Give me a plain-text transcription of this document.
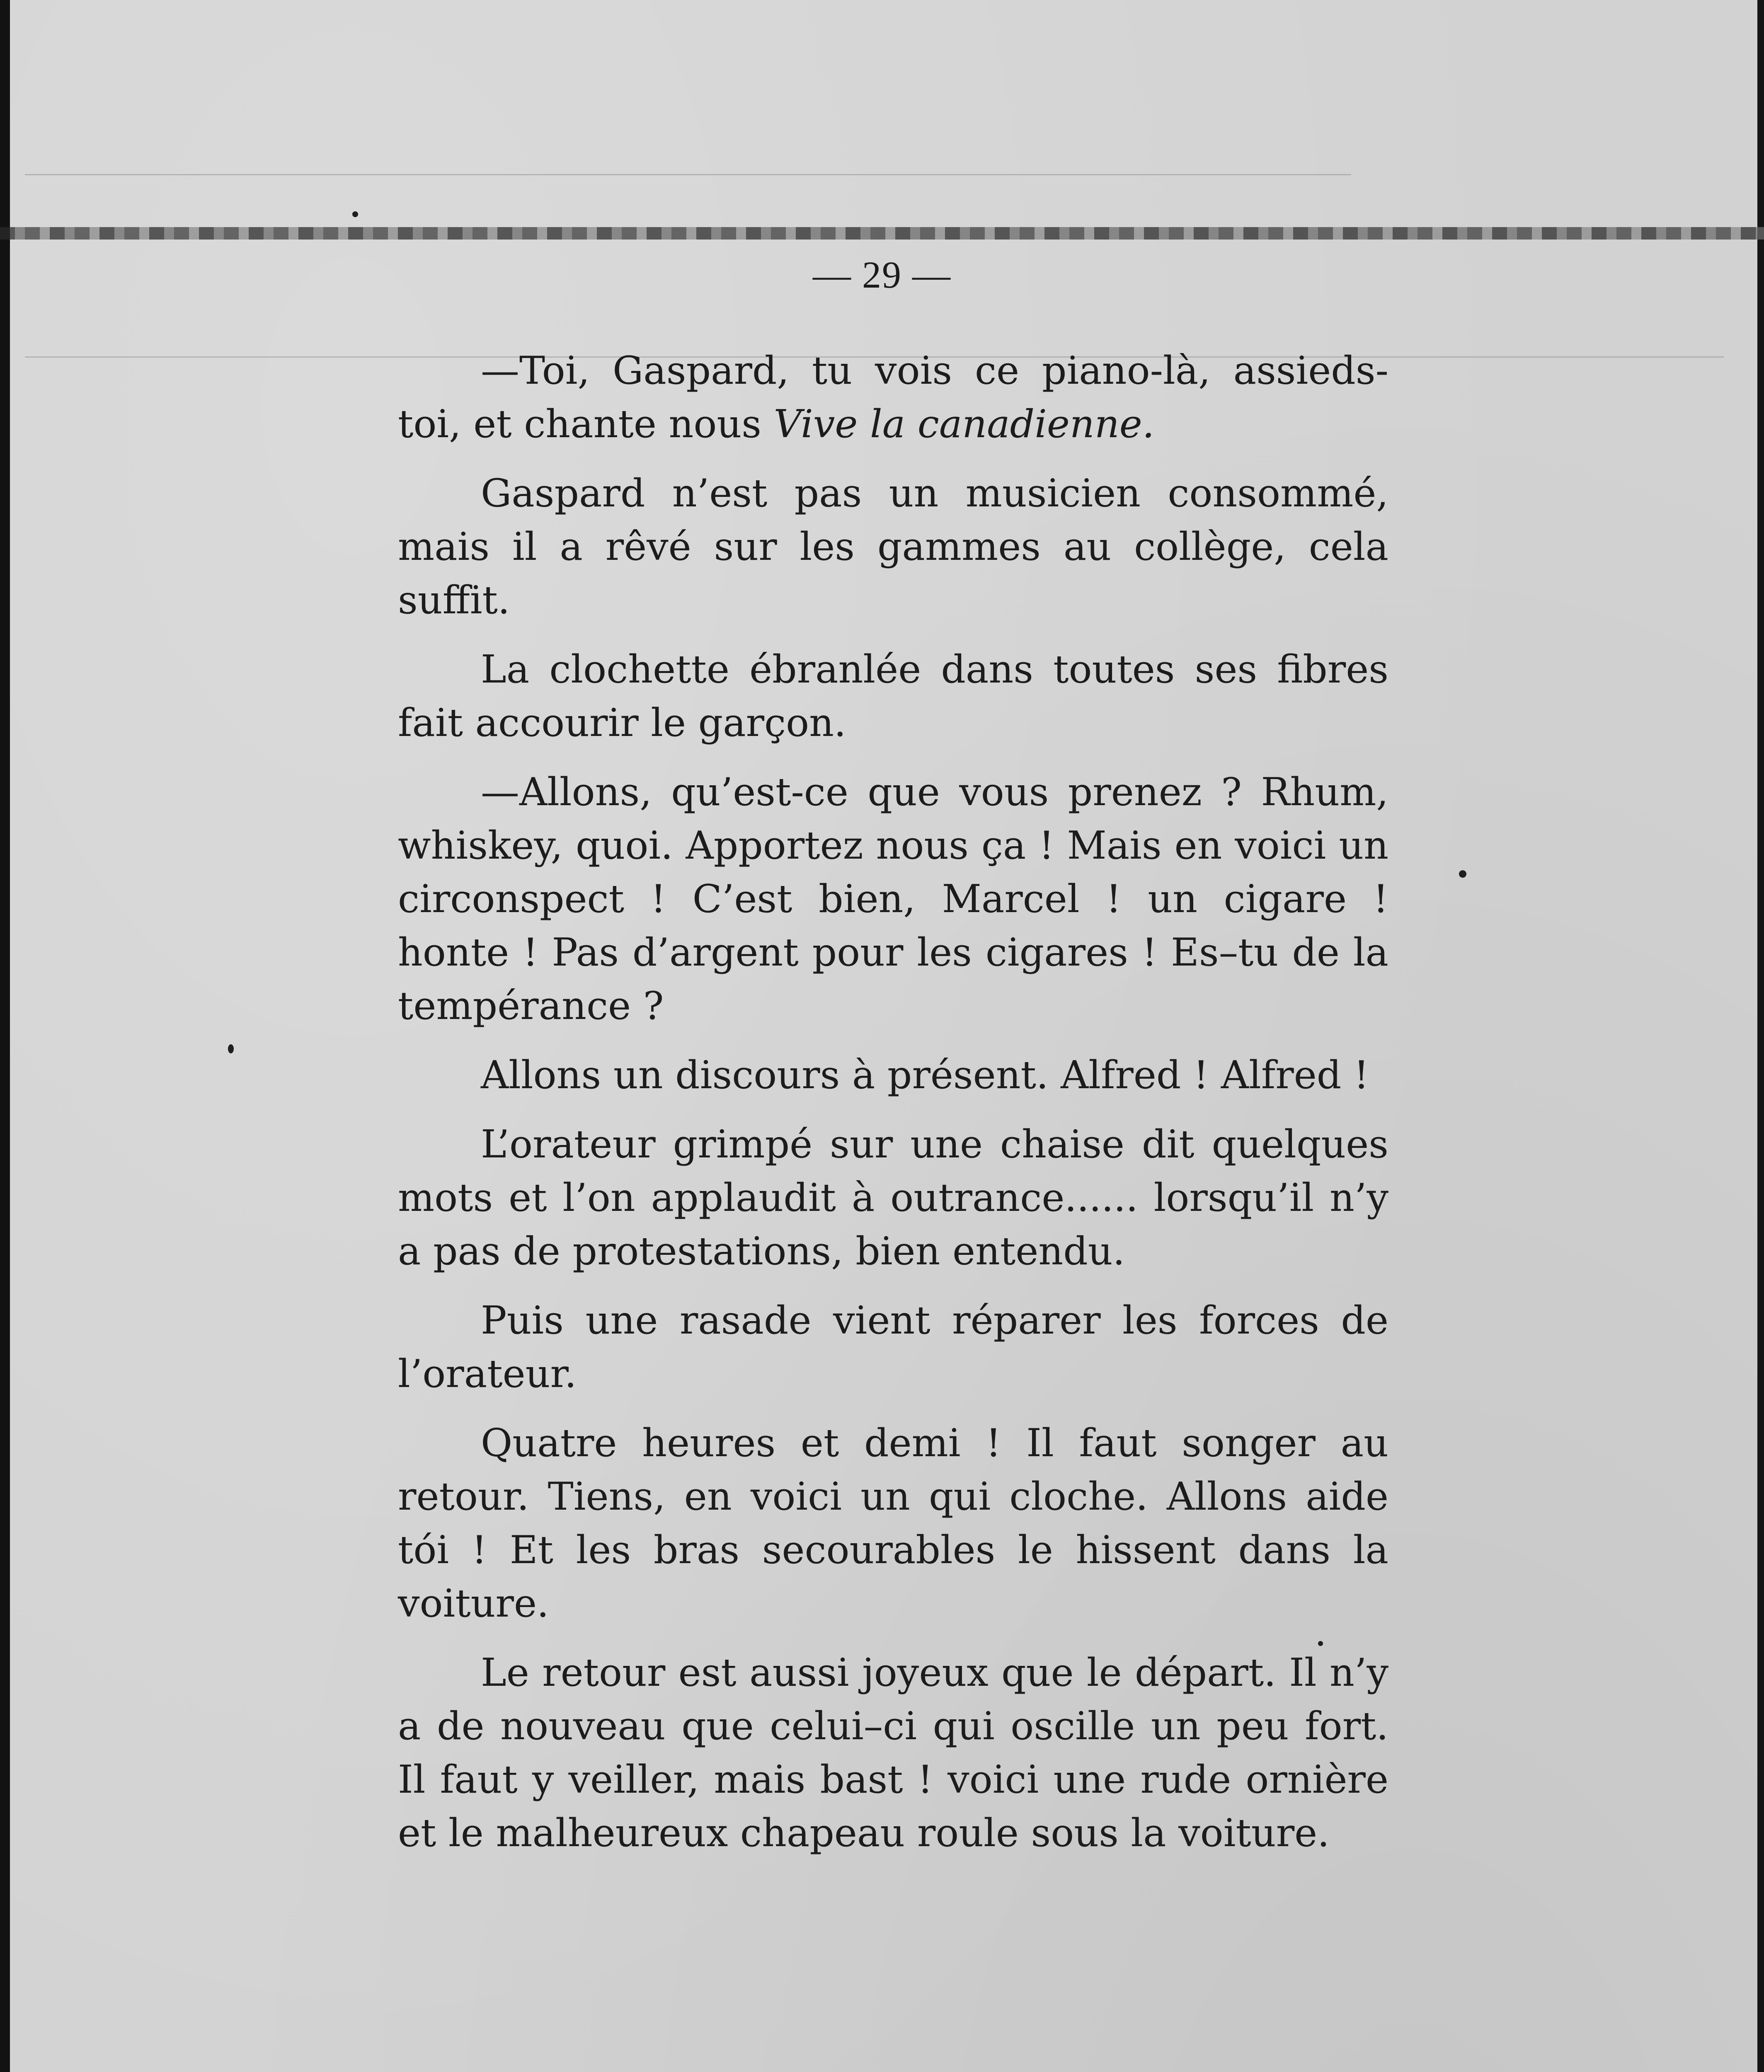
— 29 —

—Toi, Gaspard, tu vois ce piano-là, assieds-toi, et chante nous Vive la canadienne.

Gaspard n’est pas un musicien consommé, mais il a rêvé sur les gammes au collège, cela suffit.

La clochette ébranlée dans toutes ses fibres fait accourir le garçon.

—Allons, qu’est-ce que vous prenez ? Rhum, whiskey, quoi. Apportez nous ça ! Mais en voici un circonspect ! C’est bien, Marcel ! un cigare ! honte ! Pas d’argent pour les cigares ! Es–tu de la tempérance ?

Allons un discours à présent. Alfred ! Alfred !

L’orateur grimpé sur une chaise dit quelques mots et l’on applaudit à outrance...... lorsqu’il n’y a pas de protestations, bien entendu.

Puis une rasade vient réparer les forces de l’orateur.

Quatre heures et demi ! Il faut songer au retour. Tiens, en voici un qui cloche. Allons aide tói ! Et les bras secourables le hissent dans la voiture.

Le retour est aussi joyeux que le départ. Il n’y a de nouveau que celui–ci qui oscille un peu fort. Il faut y veiller, mais bast ! voici une rude ornière et le malheureux chapeau roule sous la voiture.
